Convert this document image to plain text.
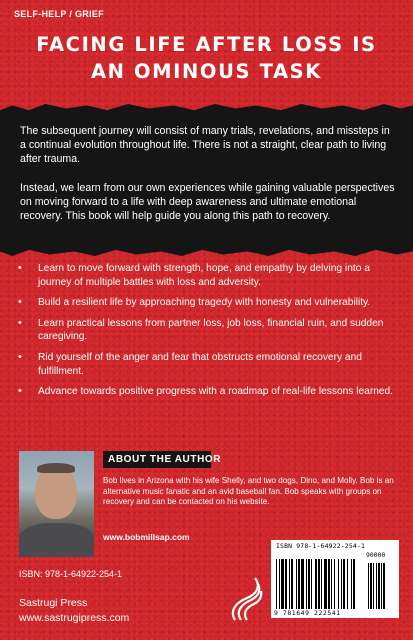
SELF-HELP / GRIEF
FACING LIFE AFTER LOSS IS
AN OMINOUS TASK

The subsequent journey will consist of many trials, revelations, and missteps in a continual evolution throughout life. There is not a straight, clear path to living after trauma.

Instead, we learn from our own experiences while gaining valuable perspectives on moving forward to a life with deep awareness and ultimate emotional recovery. This book will help guide you along this path to recovery.

• Learn to move forward with strength, hope, and empathy by delving into a journey of multiple battles with loss and adversity.
• Build a resilient life by approaching tragedy with honesty and vulnerability.
• Learn practical lessons from partner loss, job loss, financial ruin, and sudden caregiving.
• Rid yourself of the anger and fear that obstructs emotional recovery and fulfillment.
• Advance towards positive progress with a roadmap of real-life lessons learned.
ABOUT THE AUTHOR

Bob lives in Arizona with his wife Shelly, and two dogs, Dino, and Molly. Bob is an alternative music fanatic and an avid baseball fan. Bob speaks with groups on recovery and can be contacted on his website.

www.bobmillsap.com
ISBN: 978-1-64922-254-1
Sastrugi Press
www.sastrugipress.com
ISBN 978-1-64922-254-1
90000
9 781649 222541
